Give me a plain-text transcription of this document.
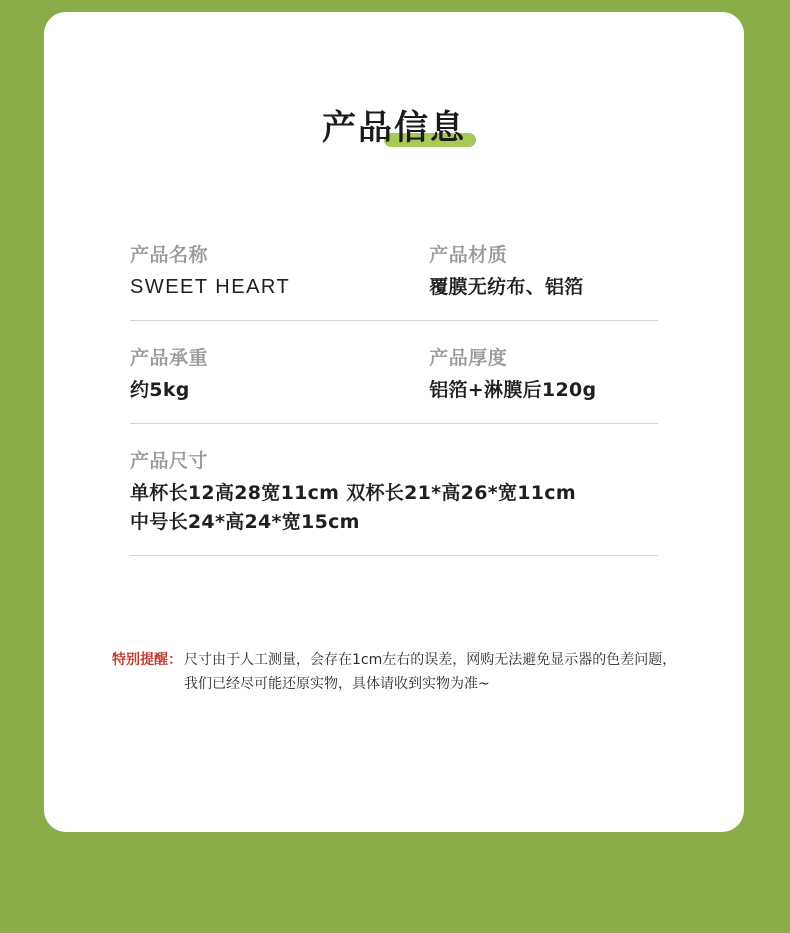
产品信息
产品名称
SWEET HEART
产品材质
覆膜无纺布、铝箔
产品承重
约5kg
产品厚度
铝箔+淋膜后120g
产品尺寸
单杯长12高28宽11cm 双杯长21*高26*宽11cm
中号长24*高24*宽15cm
特别提醒： 尺寸由于人工测量，会存在1cm左右的误差，网购无法避免显示器的色差问题，
我们已经尽可能还原实物，具体请收到实物为准~
